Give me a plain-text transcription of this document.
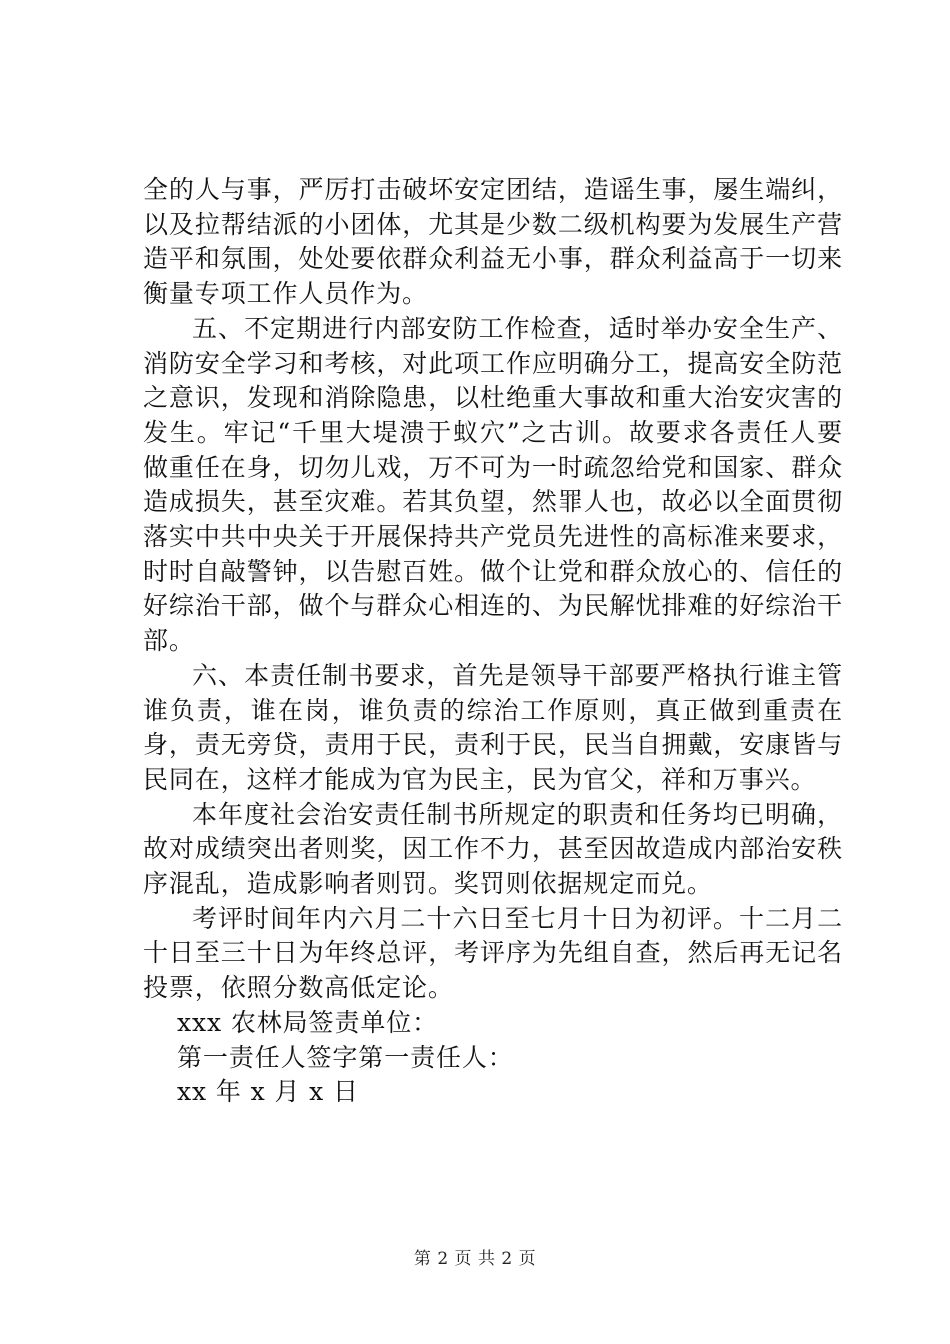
全的人与事，严厉打击破坏安定团结，造谣生事，屡生端纠，以及拉帮结派的小团体，尤其是少数二级机构要为发展生产营造平和氛围，处处要依群众利益无小事，群众利益高于一切来衡量专项工作人员作为。

五、不定期进行内部安防工作检查，适时举办安全生产、消防安全学习和考核，对此项工作应明确分工，提高安全防范之意识，发现和消除隐患，以杜绝重大事故和重大治安灾害的发生。牢记“千里大堤溃于蚁穴”之古训。故要求各责任人要做重任在身，切勿儿戏，万不可为一时疏忽给党和国家、群众造成损失，甚至灾难。若其负望，然罪人也，故必以全面贯彻落实中共中央关于开展保持共产党员先进性的高标准来要求，时时自敲警钟，以告慰百姓。做个让党和群众放心的、信任的好综治干部，做个与群众心相连的、为民解忧排难的好综治干部。

六、本责任制书要求，首先是领导干部要严格执行谁主管谁负责，谁在岗，谁负责的综治工作原则，真正做到重责在身，责无旁贷，责用于民，责利于民，民当自拥戴，安康皆与民同在，这样才能成为官为民主，民为官父，祥和万事兴。

本年度社会治安责任制书所规定的职责和任务均已明确，故对成绩突出者则奖，因工作不力，甚至因故造成内部治安秩序混乱，造成影响者则罚。奖罚则依据规定而兑。

考评时间年内六月二十六日至七月十日为初评。十二月二十日至三十日为年终总评，考评序为先组自查，然后再无记名投票，依照分数高低定论。

xxx 农林局签责单位：

第一责任人签字第一责任人：

xx 年 x 月 x 日

第 2 页 共 2 页
